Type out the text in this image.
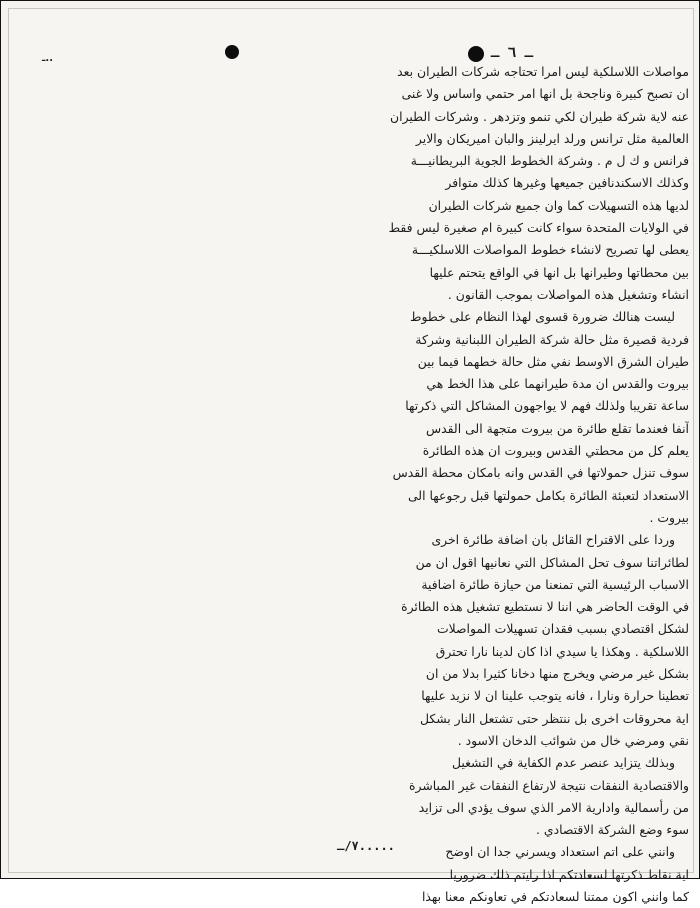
ـ..	ـ ٦ ـ
مواصلات اللاسلكية ليس امرا تحتاجه شركات الطيران بعد
ان تصبح كبيرة وناجحة بل انها امر حتمي واساس ولا غنى
عنه لاية شركة طيران لكي تنمو وتزدهر . وشركات الطيران
العالمية مثل ترانس ورلد ايرلينز والبان اميريكان والاير
فرانس و ك ل م . وشركة الخطوط الجوية البريطانيـــة
وكذلك الاسكندنافين جميعها وغيرها كذلك متوافر
لديها هذه التسهيلات كما وان جميع شركات الطيران
في الولايات المتحدة سواء كانت كبيرة ام صغيرة ليس فقط
يعطى لها تصريح لانشاء خطوط المواصلات اللاسلكيـــة
بين محطاتها وطيرانها بل انها في الواقع يتحتم عليها
انشاء وتشغيل هذه المواصلات بموجب القانون .
ليست هنالك ضرورة قسوى لهذا النظام على خطوط
فردية قصيرة مثل حالة شركة الطيران اللبنانية وشركة
طيران الشرق الاوسط نفي مثل حالة خطهما فيما بين
بيروت والقدس ان مدة طيرانهما على هذا الخط هي
ساعة تقريبا ولذلك فهم لا يواجهون المشاكل التي ذكرتها
آنفا فعندما تقلع طائرة من بيروت متجهة الى القدس
يعلم كل من محطتي القدس وبيروت ان هذه الطائرة
سوف تنزل حمولاتها في القدس وانه بامكان محطة القدس
الاستعداد لتعبئة الطائرة بكامل حمولتها قبل رجوعها الى
بيروت .
وردا على الاقتراح القائل بان اضافة طائرة اخرى
لطائراتنا سوف تحل المشاكل التي نعانيها اقول ان من
الاسباب الرئيسية التي تمنعنا من حيازة طائرة اضافية
في الوقت الحاضر هي اننا لا نستطيع تشغيل هذه الطائرة
لشكل اقتصادي بسبب فقدان تسهيلات المواصلات
اللاسلكية . وهكذا يا سيدي اذا كان لدينا نارا تحترق
بشكل غير مرضي ويخرج منها دخانا كثيرا بدلا من ان
تعطينا حرارة ونارا ، فانه يتوجب علينا ان لا نزيد عليها
اية محروقات اخرى بل ننتظر حتى تشتعل النار بشكل
نقي ومرضي خال من شوائب الدخان الاسود .
وبذلك يتزايد عنصر عدم الكفاية في التشغيل
والاقتصادية النفقات نتيجة لارتفاع النفقات غير المباشرة
من رأسمالية وادارية الامر الذي سوف يؤدي الى تزايد
سوء وضع الشركة الاقتصادي .
وانني على اتم استعداد ويسرني جدا ان اوضح
اية نقاط ذكرتها لسعادتكم اذا رايتم ذلك ضروريا
كما وانني اكون ممتنا لسعادتكم في تعاونكم معنا بهذا
٧/ـ.....
